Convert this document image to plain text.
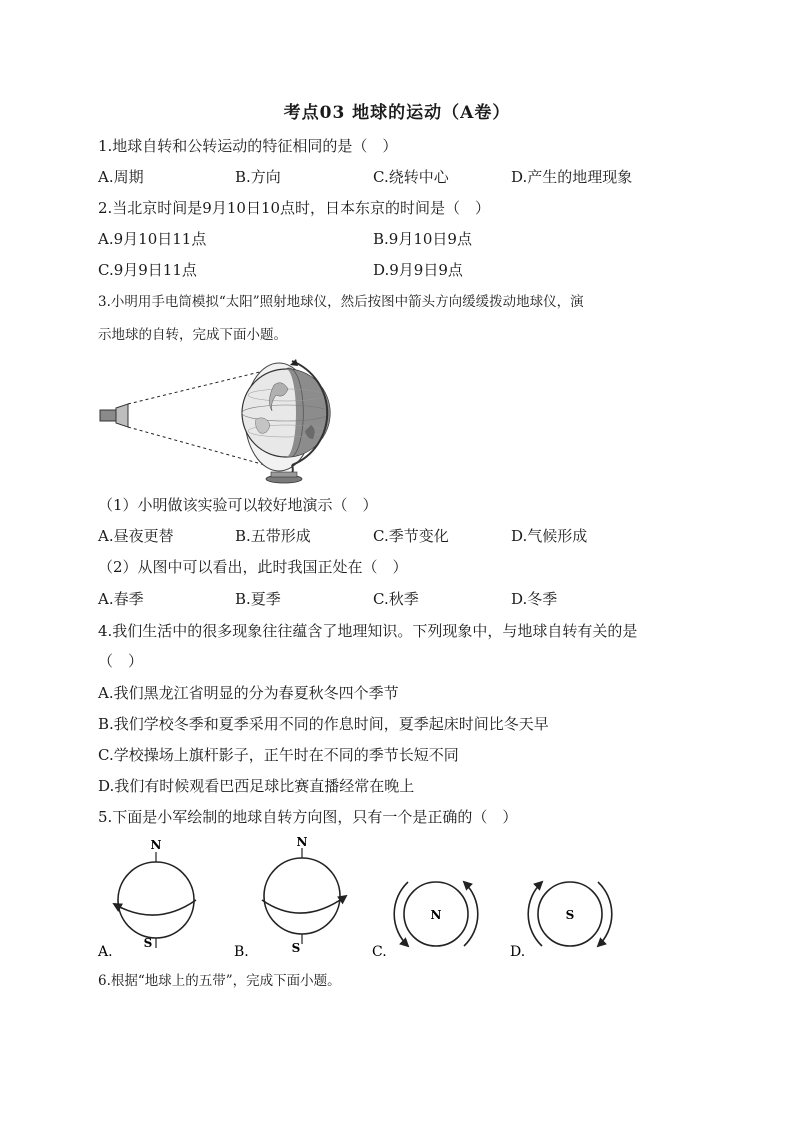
考点03 地球的运动（A卷）
1.地球自转和公转运动的特征相同的是（　）
A.周期	B.方向	C.绕转中心	D.产生的地理现象
2.当北京时间是9月10日10点时，日本东京的时间是（　）
A.9月10日11点	B.9月10日9点
C.9月9日11点	D.9月9日9点
3.小明用手电筒模拟“太阳”照射地球仪，然后按图中箭头方向缓缓拨动地球仪，演
示地球的自转，完成下面小题。
（1）小明做该实验可以较好地演示（　）
A.昼夜更替	B.五带形成	C.季节变化	D.气候形成
（2）从图中可以看出，此时我国正处在（　）
A.春季	B.夏季	C.秋季	D.冬季
4.我们生活中的很多现象往往蕴含了地理知识。下列现象中，与地球自转有关的是
（　）
A.我们黑龙江省明显的分为春夏秋冬四个季节
B.我们学校冬季和夏季采用不同的作息时间，夏季起床时间比冬天早
C.学校操场上旗杆影子，正午时在不同的季节长短不同
D.我们有时候观看巴西足球比赛直播经常在晚上
5.下面是小军绘制的地球自转方向图，只有一个是正确的（　）
N
S
A.
N
S
B.
N
C.
S
D.
6.根据“地球上的五带”，完成下面小题。
